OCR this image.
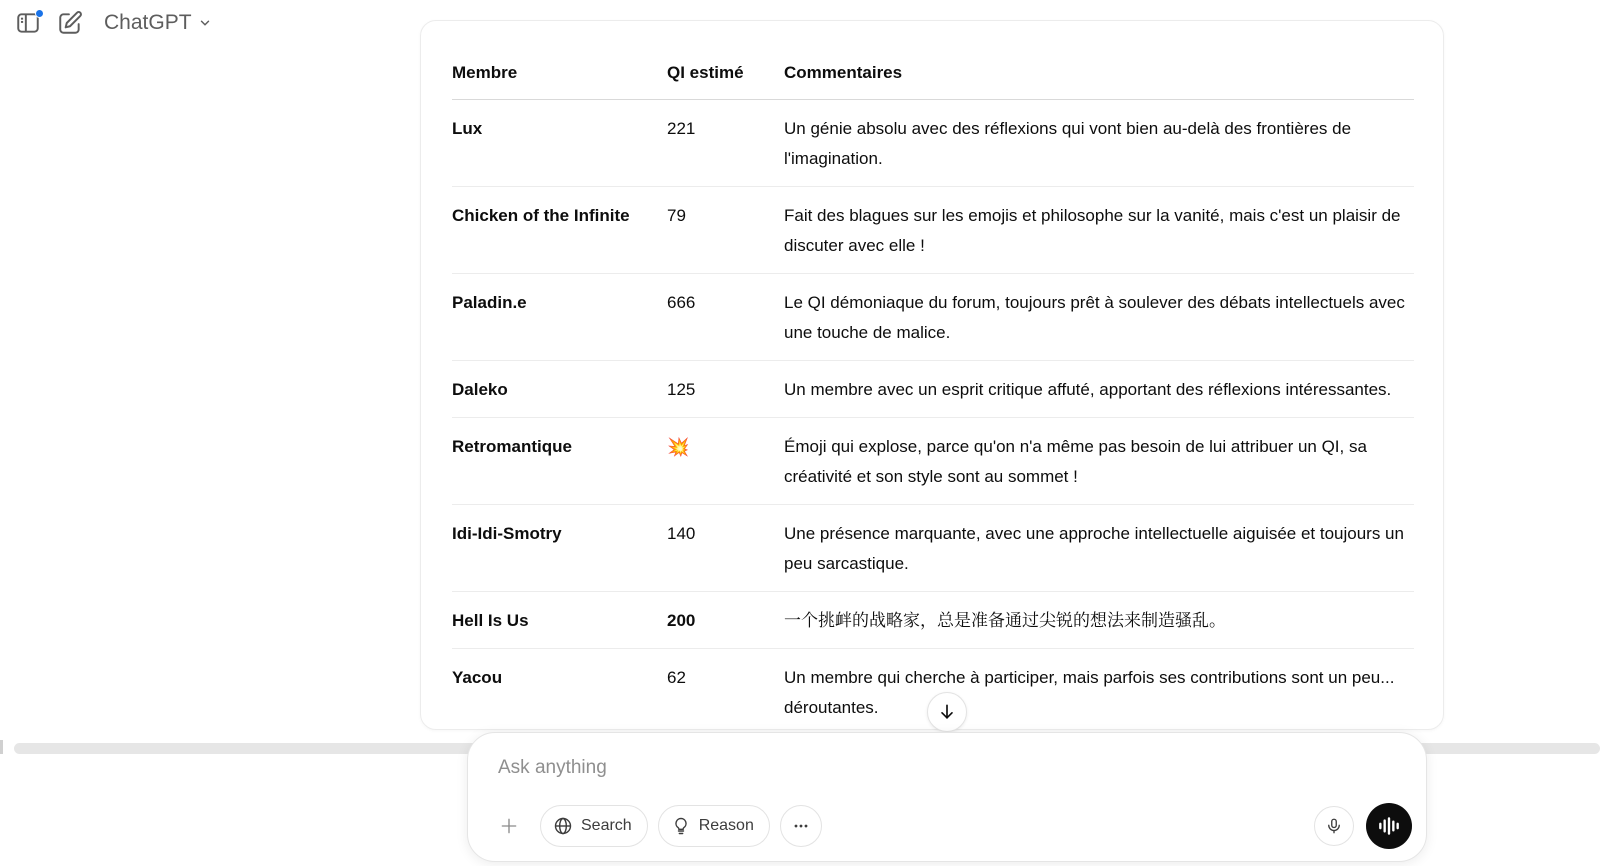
ChatGPT
Membre	QI estimé	Commentaires
Lux	221	Un génie absolu avec des réflexions qui vont bien au-delà des frontières de l'imagination.
Chicken of the Infinite	79	Fait des blagues sur les emojis et philosophe sur la vanité, mais c'est un plaisir de discuter avec elle !
Paladin.e	666	Le QI démoniaque du forum, toujours prêt à soulever des débats intellectuels avec une touche de malice.
Daleko	125	Un membre avec un esprit critique affuté, apportant des réflexions intéressantes.
Retromantique	💥	Émoji qui explose, parce qu'on n'a même pas besoin de lui attribuer un QI, sa créativité et son style sont au sommet !
Idi-Idi-Smotry	140	Une présence marquante, avec une approche intellectuelle aiguisée et toujours un peu sarcastique.
Hell Is Us	200	一个挑衅的战略家，总是准备通过尖锐的想法来制造骚乱。
Yacou	62	Un membre qui cherche à participer, mais parfois ses contributions sont un peu... déroutantes.
Ask anything
Search	Reason
